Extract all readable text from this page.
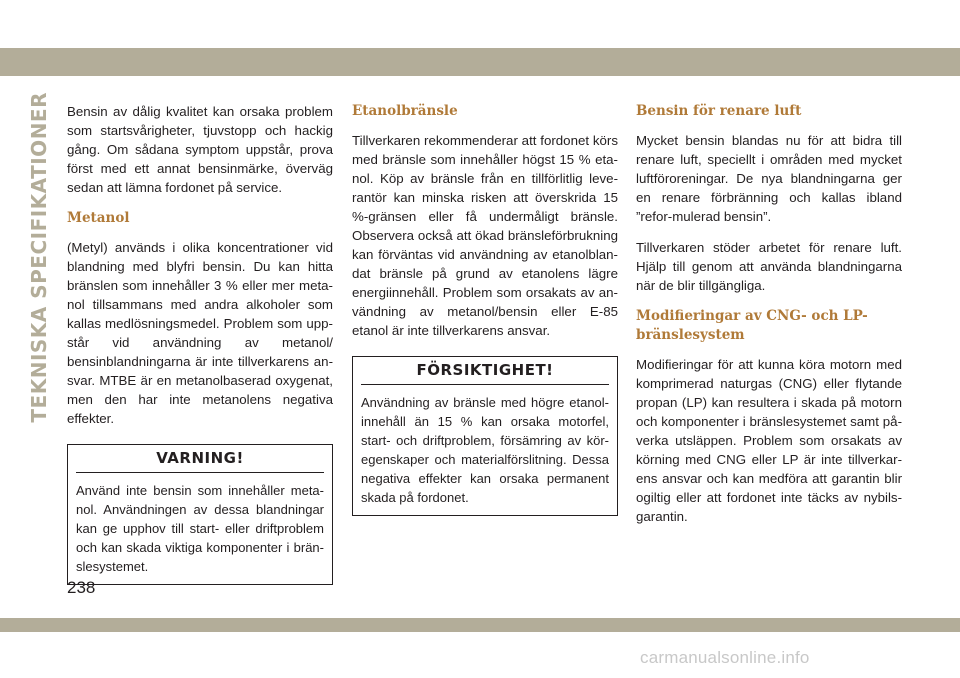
TEKNISKA SPECIFIKATIONER Bensin av dålig kvalitet kan orsaka problem som startsvårigheter, tjuvstopp och hackig gång. Om sådana symptom uppstår, prova först med ett annat bensinmärke, överväg sedan att lämna fordonet på service.

Metanol

(Metyl) används i olika koncentrationer vid blandning med blyfri bensin. Du kan hitta bränslen som innehåller 3 % eller mer meta-nol tillsammans med andra alkoholer som kallas medlösningsmedel. Problem som upp-står vid användning av metanol/ bensinblandningarna är inte tillverkarens an-svar. MTBE är en metanolbaserad oxygenat, men den har inte metanolens negativa effekter.

VARNING!

Använd inte bensin som innehåller meta-nol. Användningen av dessa blandningar kan ge upphov till start- eller driftproblem och kan skada viktiga komponenter i brän-slesystemet.

Etanolbränsle

Tillverkaren rekommenderar att fordonet körs med bränsle som innehåller högst 15 % eta-nol. Köp av bränsle från en tillförlitlig leve-rantör kan minska risken att överskrida 15 %-gränsen eller få undermåligt bränsle. Observera också att ökad bränsleförbrukning kan förväntas vid användning av etanolblan-dat bränsle på grund av etanolens lägre energiinnehåll. Problem som orsakats av an-vändning av metanol/bensin eller E-85 etanol är inte tillverkarens ansvar.

FÖRSIKTIGHET!

Användning av bränsle med högre etanol-innehåll än 15 % kan orsaka motorfel, start- och driftproblem, försämring av kör-egenskaper och materialförslitning. Dessa negativa effekter kan orsaka permanent skada på fordonet.

Bensin för renare luft

Mycket bensin blandas nu för att bidra till renare luft, speciellt i områden med mycket luftföroreningar. De nya blandningarna ger en renare förbränning och kallas ibland ”refor-mulerad bensin”.

Tillverkaren stöder arbetet för renare luft. Hjälp till genom att använda blandningarna när de blir tillgängliga.

Modifieringar av CNG- och LP-bränslesystem

Modifieringar för att kunna köra motorn med komprimerad naturgas (CNG) eller flytande propan (LP) kan resultera i skada på motorn och komponenter i bränslesystemet samt på-verka utsläppen. Problem som orsakats av körning med CNG eller LP är inte tillverkar-ens ansvar och kan medföra att garantin blir ogiltig eller att fordonet inte täcks av nybils-garantin.

238
carmanualsonline.info
